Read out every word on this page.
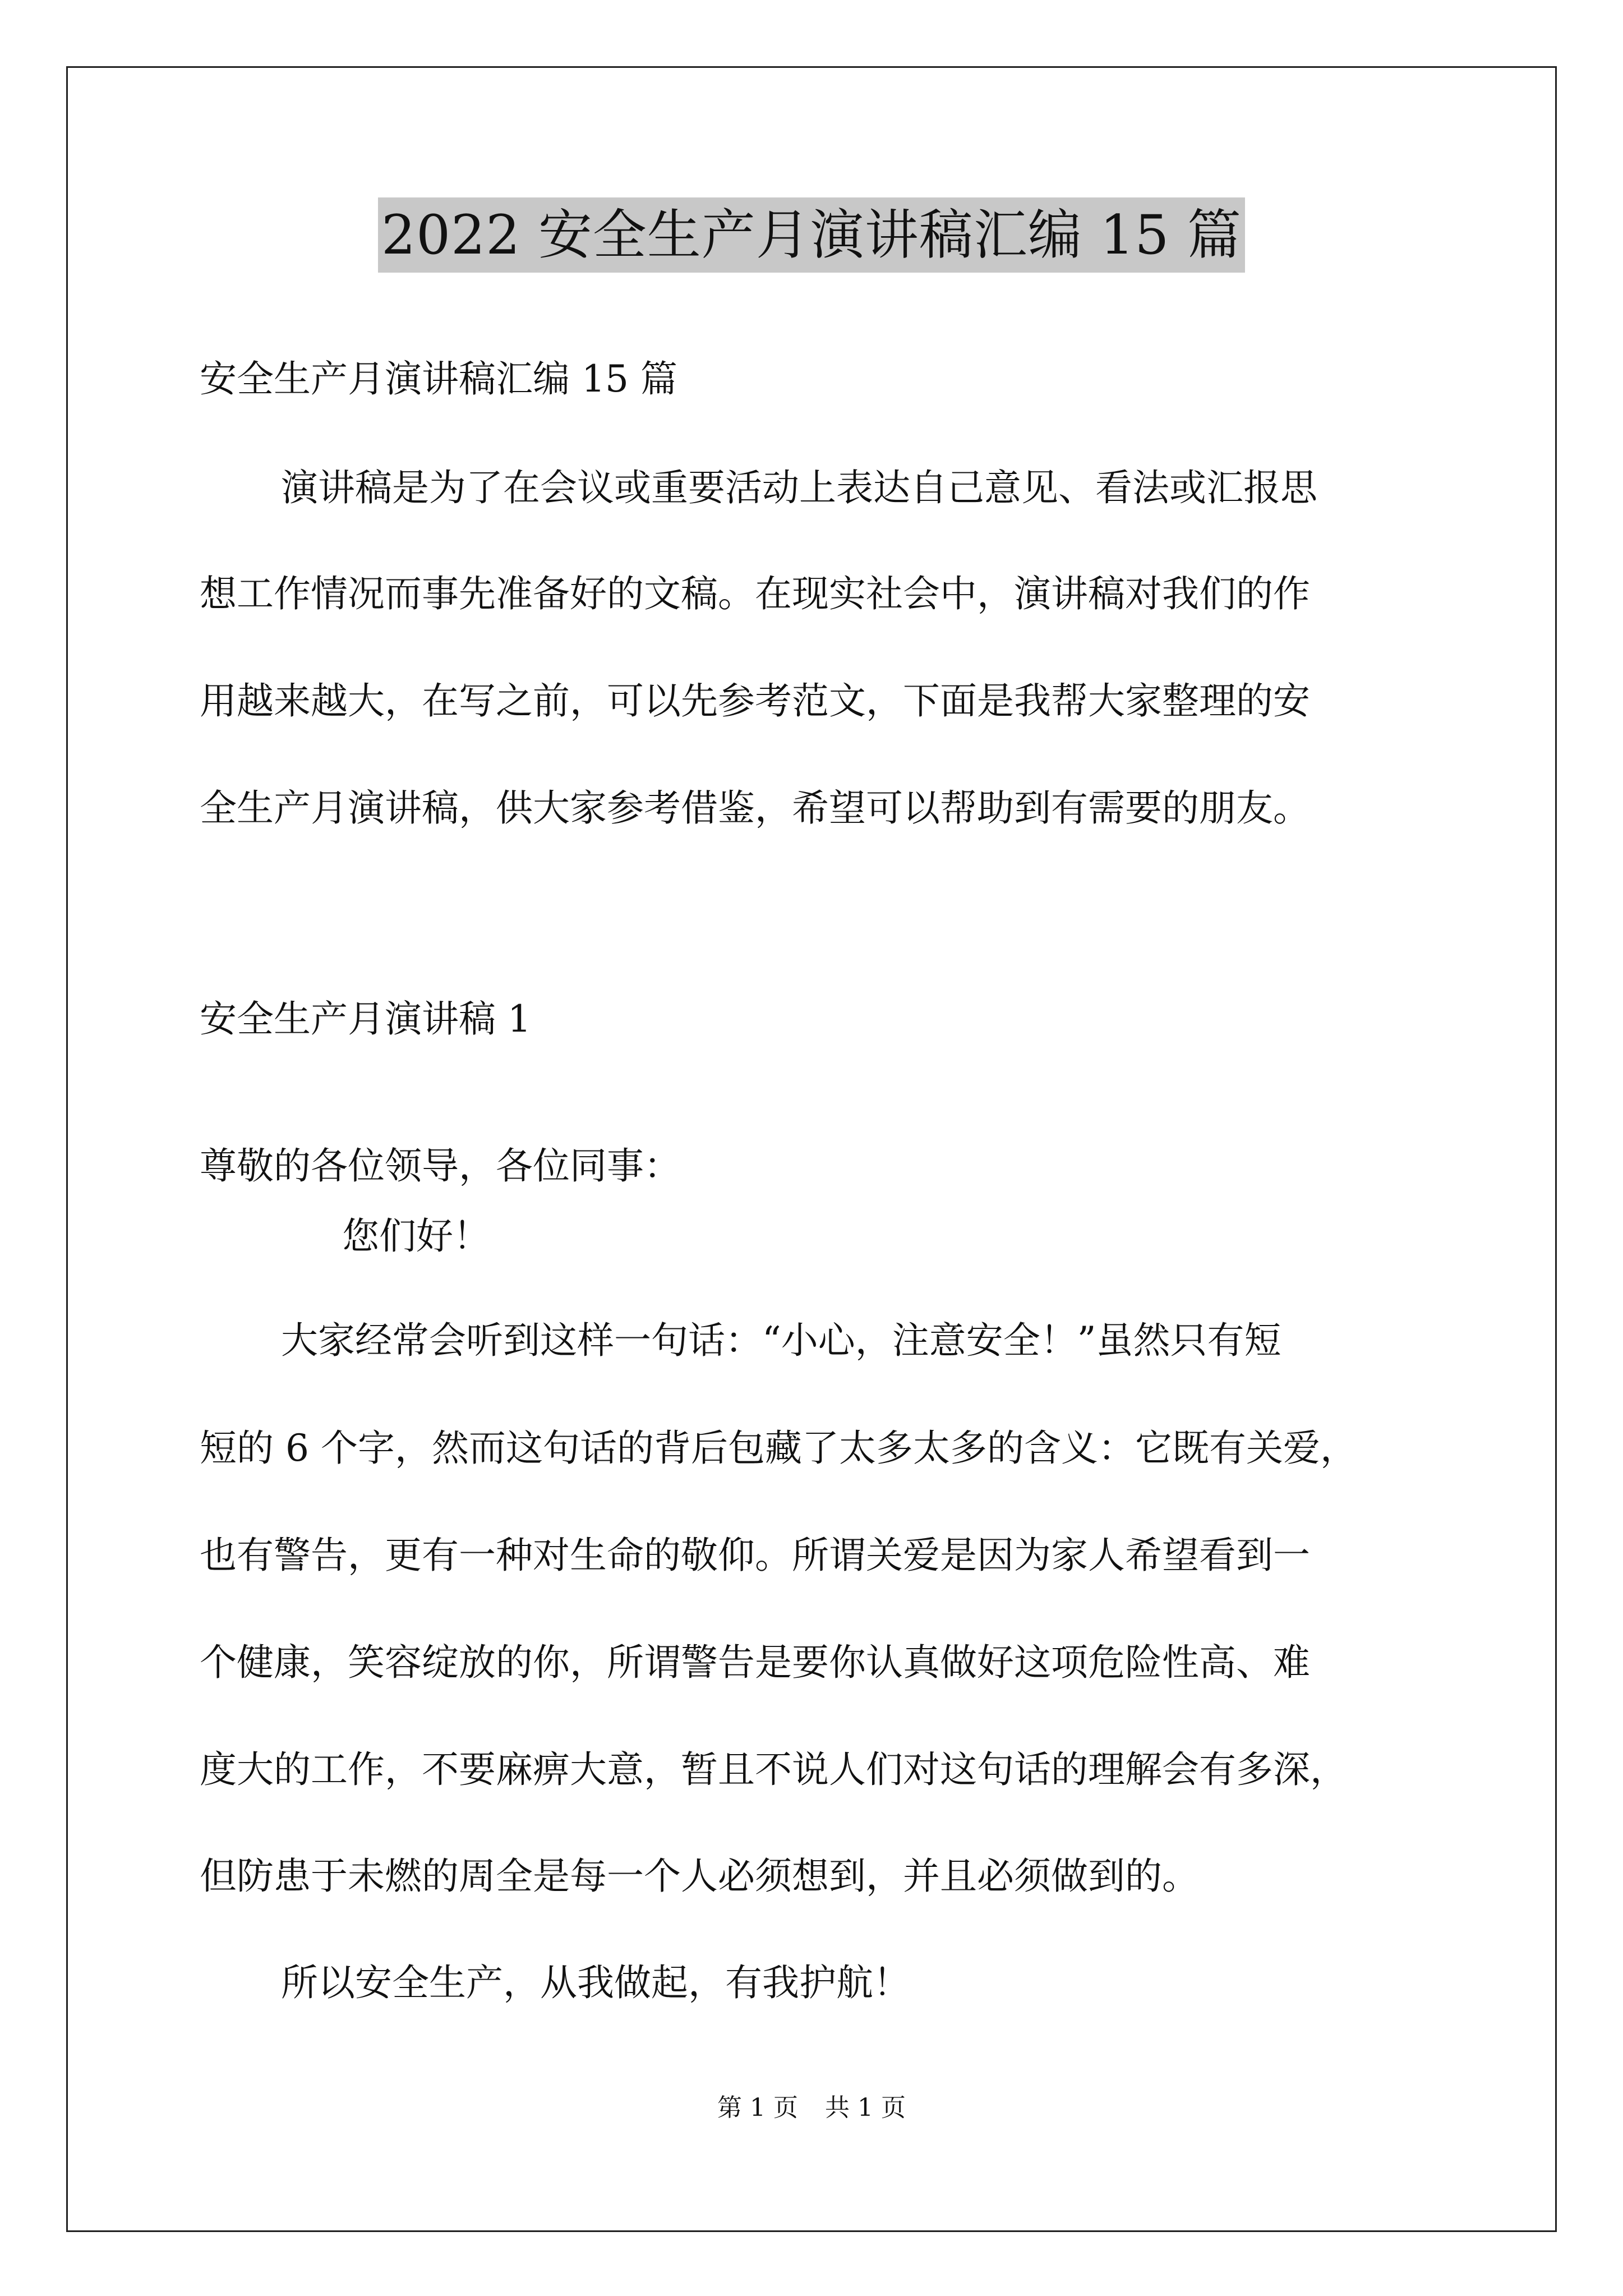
2022 安全生产月演讲稿汇编 15 篇
安全生产月演讲稿汇编 15 篇
演讲稿是为了在会议或重要活动上表达自己意见、看法或汇报思
想工作情况而事先准备好的文稿。在现实社会中，演讲稿对我们的作
用越来越大，在写之前，可以先参考范文，下面是我帮大家整理的安
全生产月演讲稿，供大家参考借鉴，希望可以帮助到有需要的朋友。
安全生产月演讲稿 1
尊敬的各位领导，各位同事：
您们好！
大家经常会听到这样一句话：“小心，注意安全！”虽然只有短
短的 6 个字，然而这句话的背后包藏了太多太多的含义：它既有关爱，
也有警告，更有一种对生命的敬仰。所谓关爱是因为家人希望看到一
个健康，笑容绽放的你，所谓警告是要你认真做好这项危险性高、难
度大的工作，不要麻痹大意，暂且不说人们对这句话的理解会有多深，
但防患于未燃的周全是每一个人必须想到，并且必须做到的。
所以安全生产，从我做起，有我护航！
第 1 页 共 1 页
